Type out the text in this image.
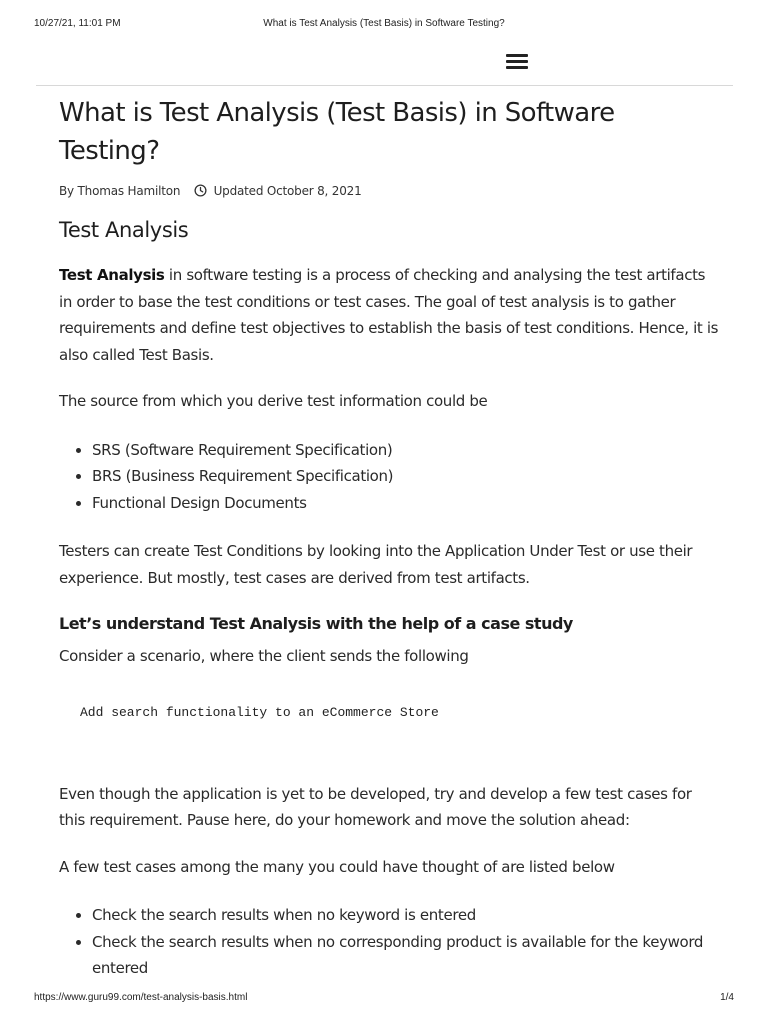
10/27/21, 11:01 PM	What is Test Analysis (Test Basis) in Software Testing?
What is Test Analysis (Test Basis) in Software Testing?
By Thomas Hamilton	Updated October 8, 2021
Test Analysis

Test Analysis in software testing is a process of checking and analysing the test artifacts in order to base the test conditions or test cases. The goal of test analysis is to gather requirements and define test objectives to establish the basis of test conditions. Hence, it is also called Test Basis.

The source from which you derive test information could be

• SRS (Software Requirement Specification)
• BRS (Business Requirement Specification)
• Functional Design Documents

Testers can create Test Conditions by looking into the Application Under Test or use their experience. But mostly, test cases are derived from test artifacts.

Let’s understand Test Analysis with the help of a case study

Consider a scenario, where the client sends the following

Add search functionality to an eCommerce Store

Even though the application is yet to be developed, try and develop a few test cases for this requirement. Pause here, do your homework and move the solution ahead:

A few test cases among the many you could have thought of are listed below

• Check the search results when no keyword is entered
• Check the search results when no corresponding product is available for the keyword entered
https://www.guru99.com/test-analysis-basis.html	1/4
